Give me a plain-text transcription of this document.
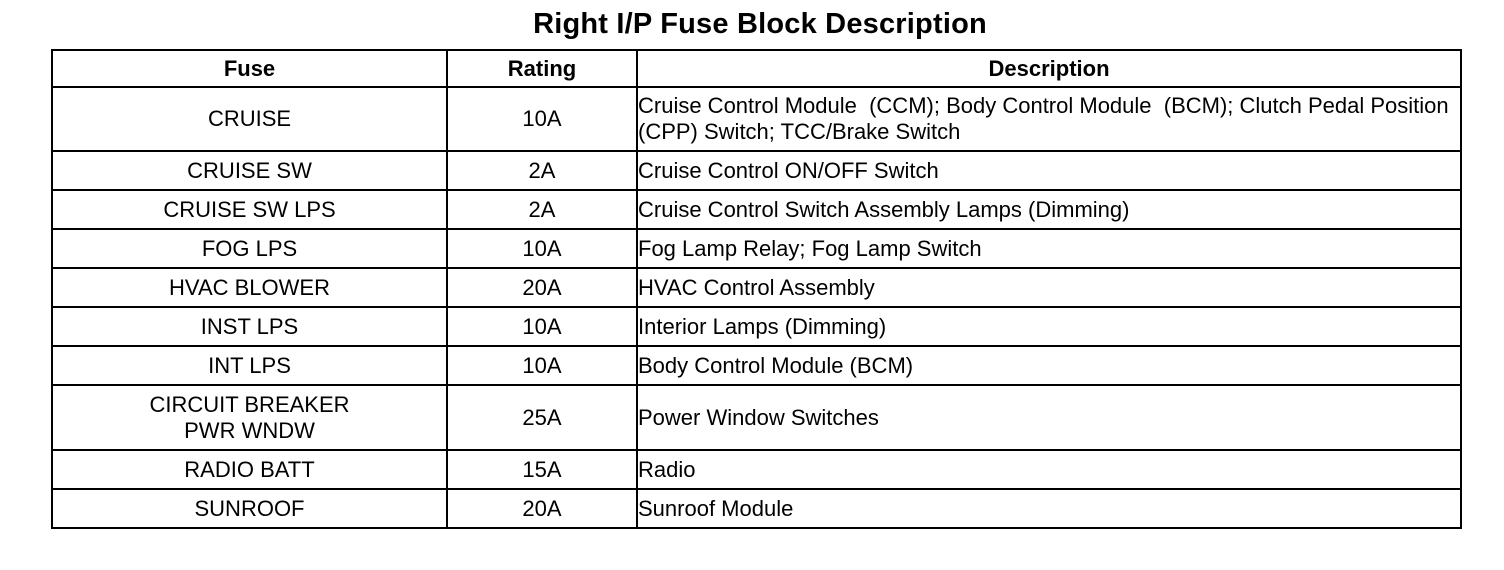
Right I/P Fuse Block Description
Fuse	Rating	Description
CRUISE	10A	Cruise Control Module  (CCM); Body Control Module  (BCM); Clutch Pedal Position  (CPP) Switch; TCC/Brake Switch
CRUISE SW	2A	Cruise Control ON/OFF Switch
CRUISE SW LPS	2A	Cruise Control Switch Assembly Lamps (Dimming)
FOG LPS	10A	Fog Lamp Relay; Fog Lamp Switch
HVAC BLOWER	20A	HVAC Control Assembly
INST LPS	10A	Interior Lamps (Dimming)
INT LPS	10A	Body Control Module (BCM)

CIRCUIT BREAKER PWR WNDW	25A	Power Window Switches
RADIO BATT	15A	Radio
SUNROOF	20A	Sunroof Module
